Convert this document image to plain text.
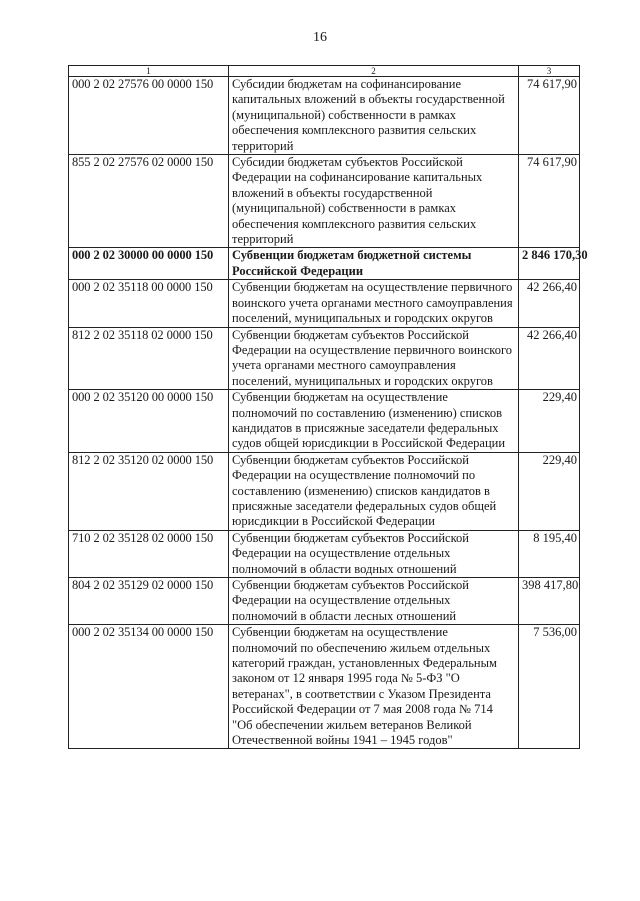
16
1	2	3
000 2 02 27576 00 0000 150	Субсидии бюджетам на софинансирование капитальных вложений в объекты государственной (муниципальной) собственности в рамках обеспечения комплексного развития сельских территорий	74 617,90
855 2 02 27576 02 0000 150	Субсидии бюджетам субъектов Российской Федерации на софинансирование капитальных вложений в объекты государственной (муниципальной) собственности в рамках обеспечения комплексного развития сельских территорий	74 617,90
000 2 02 30000 00 0000 150	Субвенции бюджетам бюджетной системы Российской Федерации	2 846 170,30
000 2 02 35118 00 0000 150	Субвенции бюджетам на осуществление первичного воинского учета органами местного самоуправления поселений, муниципальных и городских округов	42 266,40
812 2 02 35118 02 0000 150	Субвенции бюджетам субъектов Российской Федерации на осуществление первичного воинского учета органами местного самоуправления поселений, муниципальных и городских округов	42 266,40
000 2 02 35120 00 0000 150	Субвенции бюджетам на осуществление полномочий по составлению (изменению) списков кандидатов в присяжные заседатели федеральных судов общей юрисдикции в Российской Федерации	229,40
812 2 02 35120 02 0000 150	Субвенции бюджетам субъектов Российской Федерации на осуществление полномочий по составлению (изменению) списков кандидатов в присяжные заседатели федеральных судов общей юрисдикции в Российской Федерации	229,40
710 2 02 35128 02 0000 150	Субвенции бюджетам субъектов Российской Федерации на осуществление отдельных полномочий в области водных отношений	8 195,40
804 2 02 35129 02 0000 150	Субвенции бюджетам субъектов Российской Федерации на осуществление отдельных полномочий в области лесных отношений	398 417,80
000 2 02 35134 00 0000 150	Субвенции бюджетам на осуществление полномочий по обеспечению жильем отдельных категорий граждан, установленных Федеральным законом от 12 января 1995 года № 5-ФЗ "О ветеранах", в соответствии с Указом Президента Российской Федерации от 7 мая 2008 года № 714 "Об обеспечении жильем ветеранов Великой Отечественной войны 1941 – 1945 годов"	7 536,00
